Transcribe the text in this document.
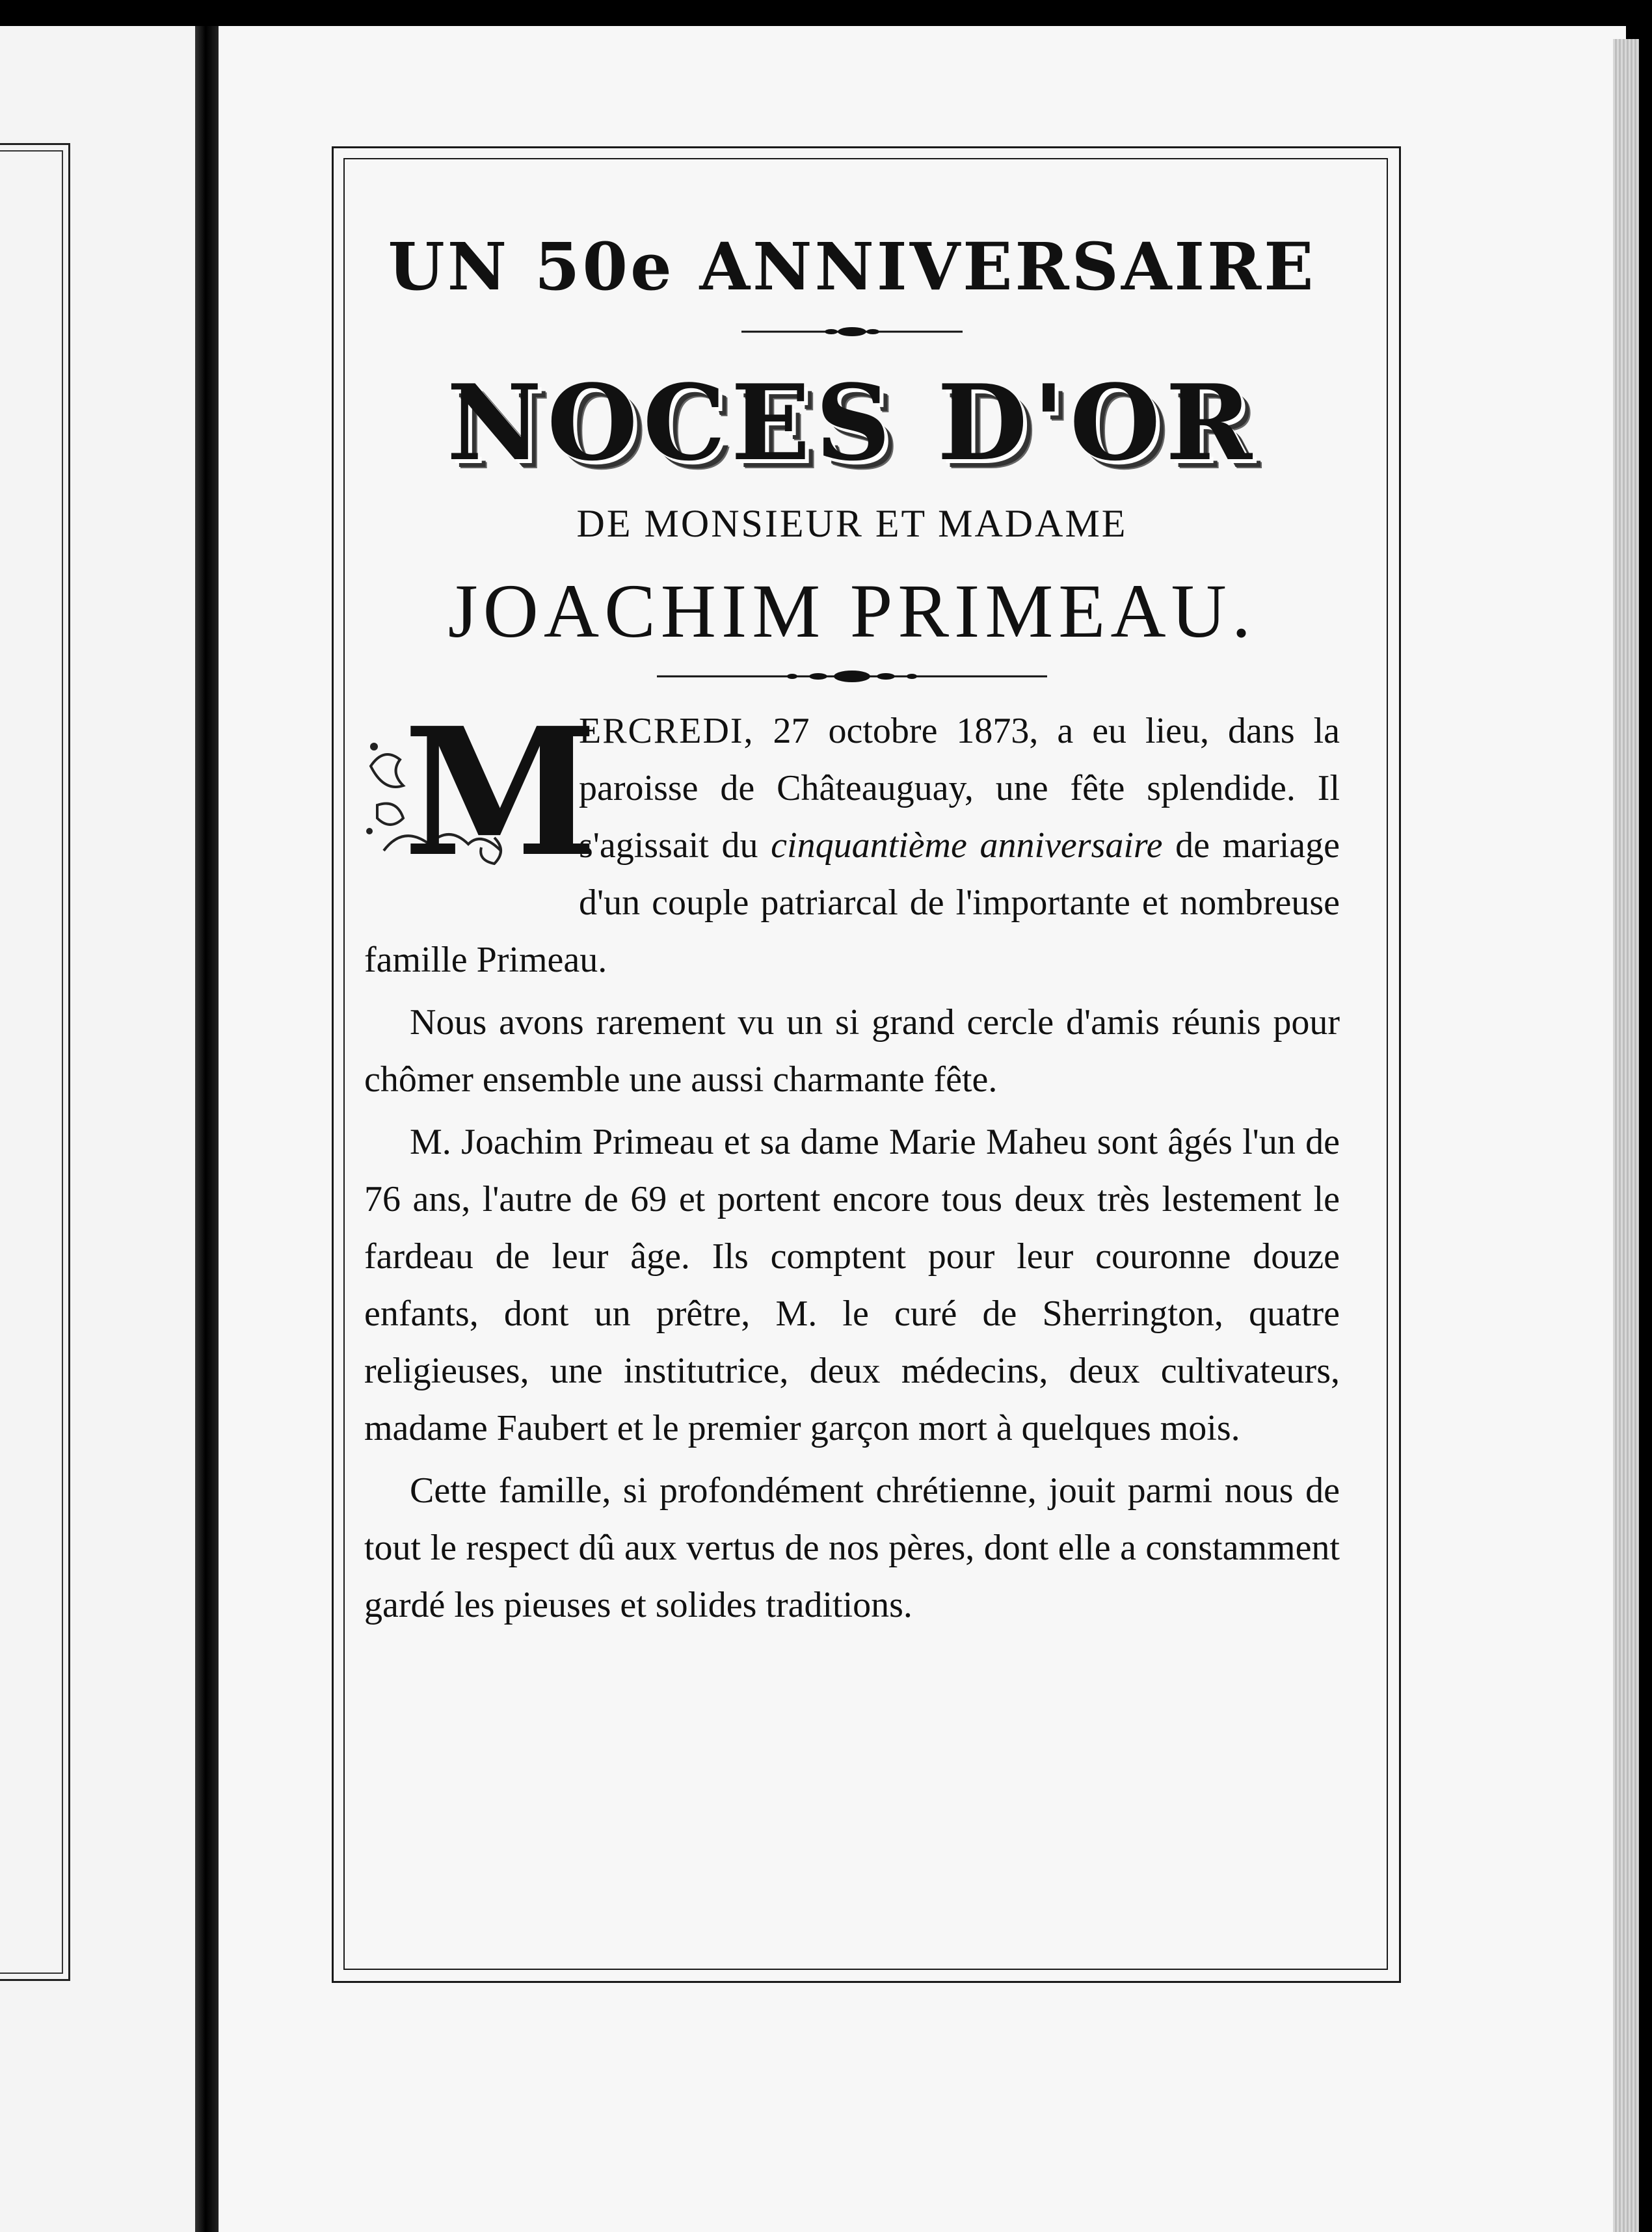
UN 50e ANNIVERSAIRE
NOCES D'OR

DE MONSIEUR ET MADAME

JOACHIM PRIMEAU.

M
ERCREDI, 27 octobre 1873, a eu lieu, dans la paroisse de Châteauguay, une fête splendide. Il s'agissait du cinquantième anniversaire de mariage d'un couple patriarcal de l'importante et nombreuse famille Primeau.

Nous avons rarement vu un si grand cercle d'amis réunis pour chômer ensemble une aussi charmante fête.

M. Joachim Primeau et sa dame Marie Maheu sont âgés l'un de 76 ans, l'autre de 69 et portent encore tous deux très lestement le fardeau de leur âge. Ils comptent pour leur couronne douze enfants, dont un prêtre, M. le curé de Sherrington, quatre religieuses, une institutrice, deux médecins, deux cultivateurs, madame Faubert et le premier garçon mort à quelques mois.

Cette famille, si profondément chrétienne, jouit parmi nous de tout le respect dû aux vertus de nos pères, dont elle a constamment gardé les pieuses et solides traditions.
